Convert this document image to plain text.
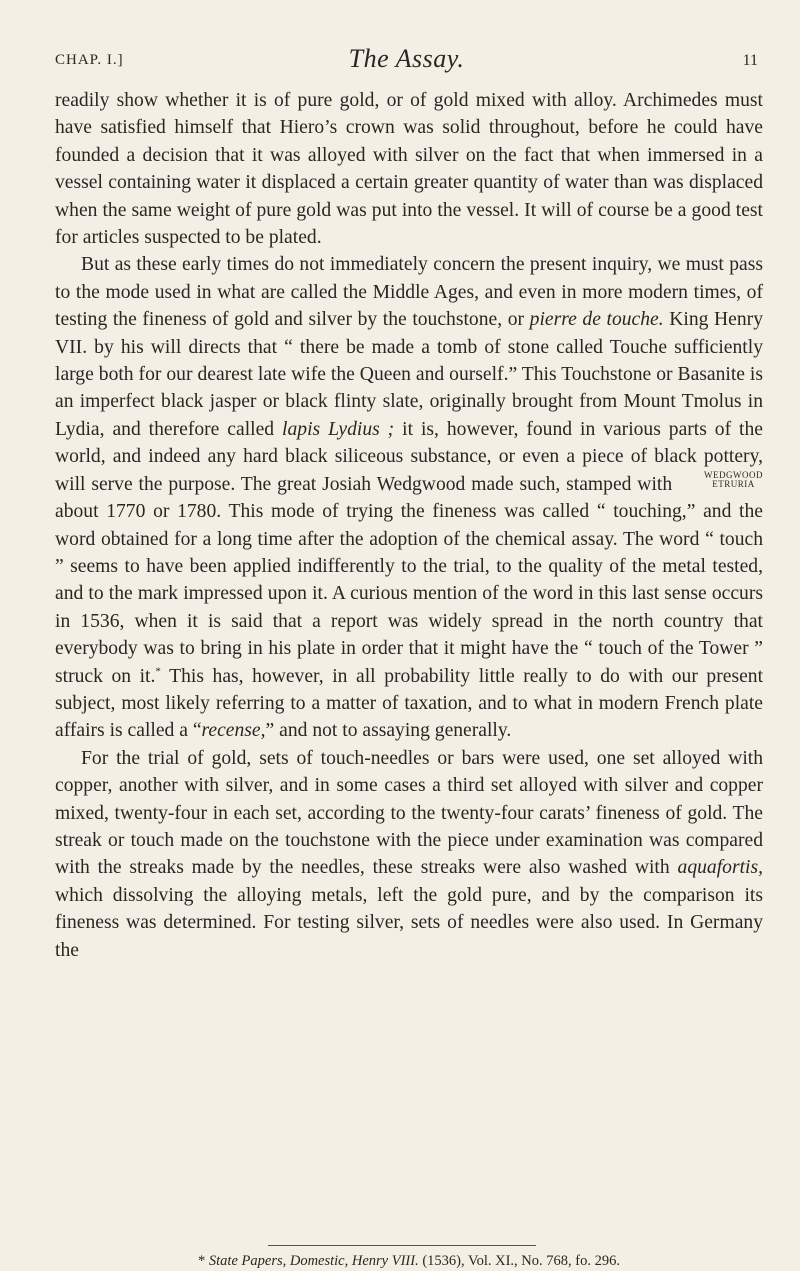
CHAP. I.]	The Assay.	11

readily show whether it is of pure gold, or of gold mixed with alloy. Archimedes must have satisfied himself that Hiero’s crown was solid throughout, before he could have founded a decision that it was alloyed with silver on the fact that when immersed in a vessel containing water it displaced a certain greater quantity of water than was displaced when the same weight of pure gold was put into the vessel. It will of course be a good test for articles suspected to be plated.

But as these early times do not immediately concern the present inquiry, we must pass to the mode used in what are called the Middle Ages, and even in more modern times, of testing the fineness of gold and silver by the touchstone, or pierre de touche. King Henry VII. by his will directs that “ there be made a tomb of stone called Touche sufficiently large both for our dearest late wife the Queen and ourself.” This Touchstone or Basanite is an imperfect black jasper or black flinty slate, originally brought from Mount Tmolus in Lydia, and therefore called lapis Lydius ; it is, however, found in various parts of the world, and indeed any hard black siliceous substance, or even a piece of black pottery, will serve the purpose. The great Josiah Wedgwood made such, stamped with	WEDGWOOD
ETRURIA
about 1770 or 1780. This mode of trying the fineness was called “ touching,” and the word obtained for a long time after the adoption of the chemical assay. The word “ touch ” seems to have been applied indifferently to the trial, to the quality of the metal tested, and to the mark impressed upon it. A curious mention of the word in this last sense occurs in 1536, when it is said that a report was widely spread in the north country that everybody was to bring in his plate in order that it might have the “ touch of the Tower ” struck on it.* This has, however, in all probability little really to do with our present subject, most likely referring to a matter of taxation, and to what in modern French plate affairs is called a “recense,” and not to assaying generally.

For the trial of gold, sets of touch-needles or bars were used, one set alloyed with copper, another with silver, and in some cases a third set alloyed with silver and copper mixed, twenty-four in each set, according to the twenty-four carats’ fineness of gold. The streak or touch made on the touchstone with the piece under examination was compared with the streaks made by the needles, these streaks were also washed with aquafortis, which dissolving the alloying metals, left the gold pure, and by the comparison its fineness was determined. For testing silver, sets of needles were also used. In Germany the

* State Papers, Domestic, Henry VIII. (1536), Vol. XI., No. 768, fo. 296.
